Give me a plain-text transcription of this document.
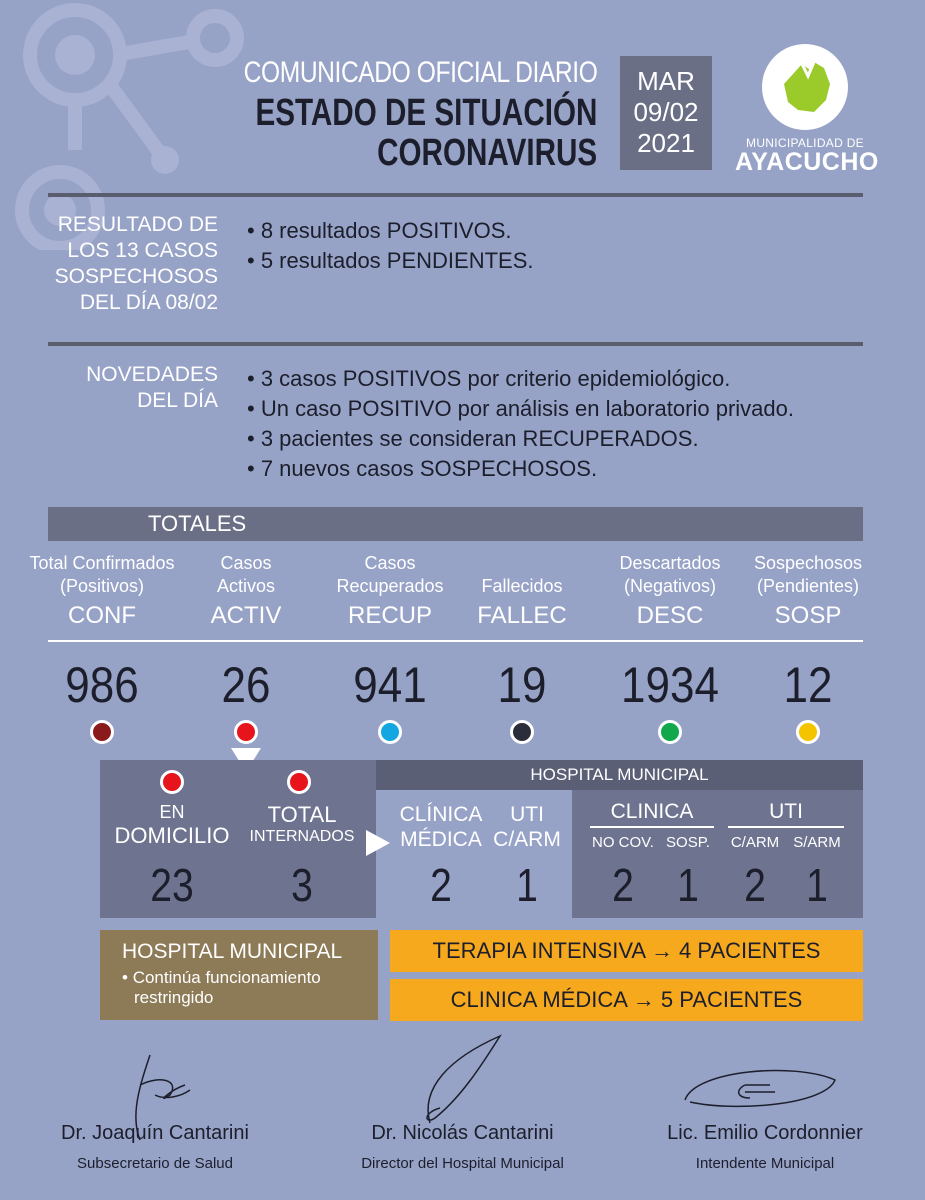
COMUNICADO OFICIAL DIARIO
ESTADO DE SITUACIÓN
CORONAVIRUS
MAR
09/02
2021	MUNICIPALIDAD DE
AYACUCHO
RESULTADO DE
LOS 13 CASOS
SOSPECHOSOS
DEL DÍA 08/02
• 8 resultados POSITIVOS.
• 5 resultados PENDIENTES.
NOVEDADES
DEL DÍA
• 3 casos POSITIVOS por criterio epidemiológico.
• Un caso POSITIVO por análisis en laboratorio privado.
• 3 pacientes se consideran RECUPERADOS.
• 7 nuevos casos SOSPECHOSOS.
TOTALES
Total Confirmados
(Positivos)
CONF
Casos
Activos
ACTIV
Casos
Recuperados
RECUP
Fallecidos
FALLEC
Descartados
(Negativos)
DESC
Sospechosos
(Pendientes)
SOSP
986	26	941	19	1934	12
EN
DOMICILIO
TOTAL
INTERNADOS
23	3
HOSPITAL MUNICIPAL
CLÍNICA
MÉDICA
UTI
C/ARM
2	1
CLINICA	UTI
NO COV. SOSP.	C/ARM S/ARM
2 1 2 1
HOSPITAL MUNICIPAL
• Continúa funcionamiento
restringido
TERAPIA INTENSIVA → 4 PACIENTES
CLINICA MÉDICA → 5 PACIENTES
Dr. Joaquín Cantarini
Subsecretario de Salud
Dr. Nicolás Cantarini
Director del Hospital Municipal
Lic. Emilio Cordonnier
Intendente Municipal
